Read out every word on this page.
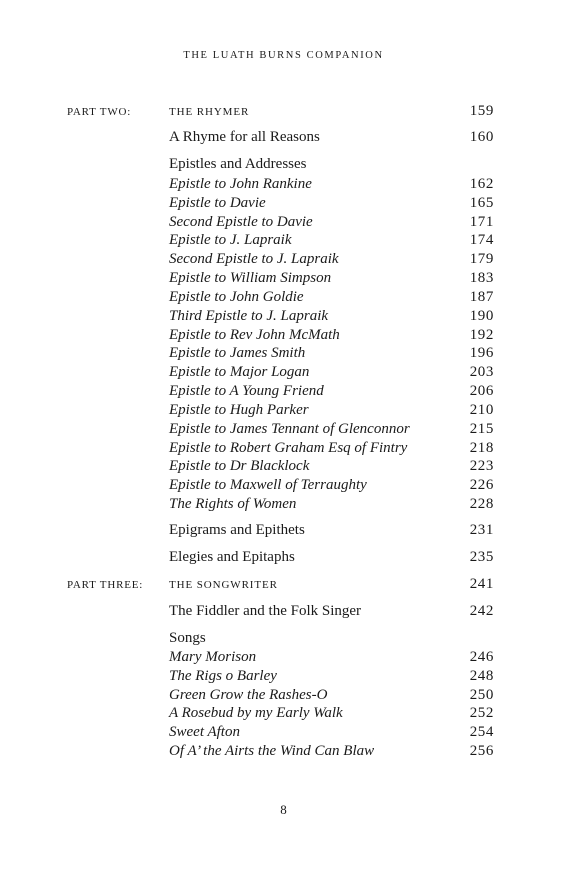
THE LUATH BURNS COMPANION
PART TWO:	THE RHYMER	159
A Rhyme for all Reasons	160
Epistles and Addresses
Epistle to John Rankine	162
Epistle to Davie	165
Second Epistle to Davie	171
Epistle to J. Lapraik	174
Second Epistle to J. Lapraik	179
Epistle to William Simpson	183
Epistle to John Goldie	187
Third Epistle to J. Lapraik	190
Epistle to Rev John McMath	192
Epistle to James Smith	196
Epistle to Major Logan	203
Epistle to A Young Friend	206
Epistle to Hugh Parker	210
Epistle to James Tennant of Glenconnor	215
Epistle to Robert Graham Esq of Fintry	218
Epistle to Dr Blacklock	223
Epistle to Maxwell of Terraughty	226
The Rights of Women	228
Epigrams and Epithets	231
Elegies and Epitaphs	235
PART THREE: THE SONGWRITER	241
The Fiddler and the Folk Singer	242
Songs
Mary Morison	246
The Rigs o Barley	248
Green Grow the Rashes-O	250
A Rosebud by my Early Walk	252
Sweet Afton	254
Of A’ the Airts the Wind Can Blaw	256
8
